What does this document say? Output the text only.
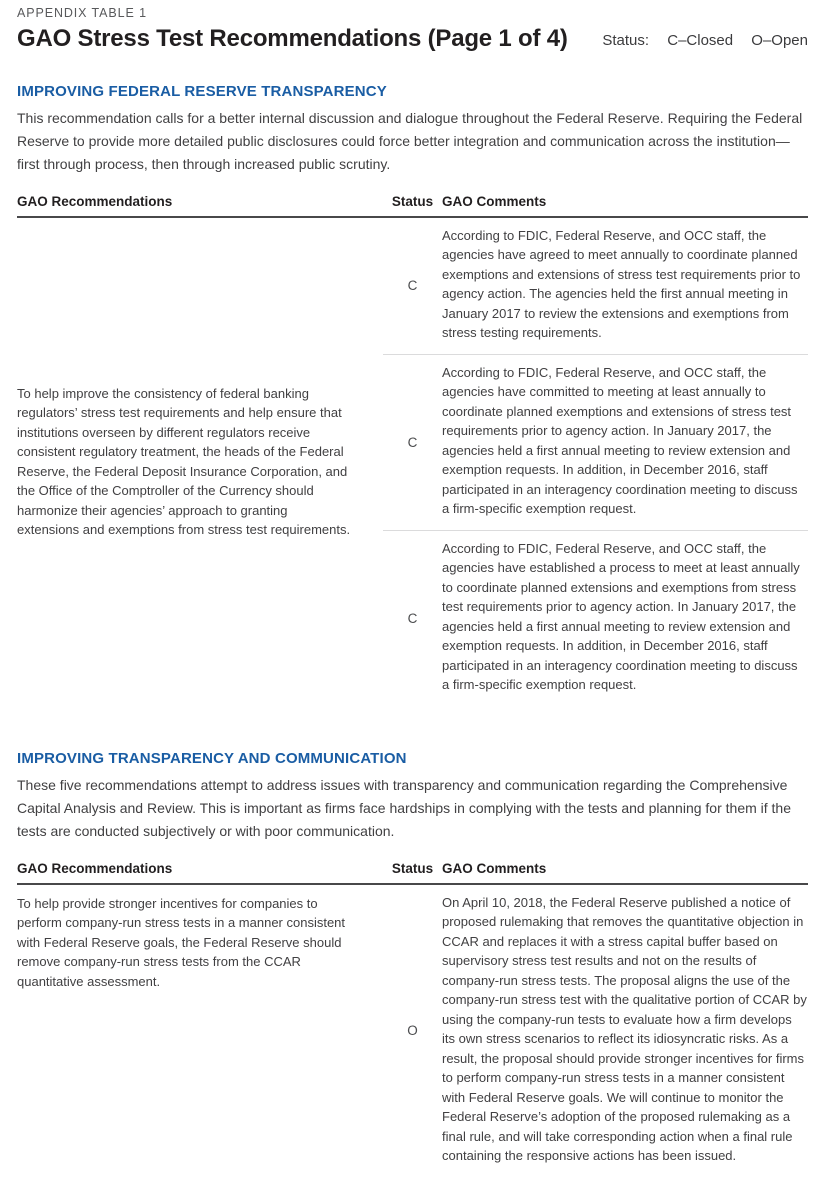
APPENDIX TABLE 1
GAO Stress Test Recommendations (Page 1 of 4) Status: C–Closed O–Open
IMPROVING FEDERAL RESERVE TRANSPARENCY
This recommendation calls for a better internal discussion and dialogue throughout the Federal Reserve. Requiring the Federal Reserve to provide more detailed public disclosures could force better integration and communication across the institution—first through process, then through increased public scrutiny.
GAO Recommendations	Status GAO Comments
To help improve the consistency of federal banking regulators’ stress test requirements and help ensure that institutions overseen by different regulators receive consistent regulatory treatment, the heads of the Federal Reserve, the Federal Deposit Insurance Corporation, and the Office of the Comptroller of the Currency should harmonize their agencies’ approach to granting extensions and exemptions from stress test requirements.
C
According to FDIC, Federal Reserve, and OCC staff, the agencies have agreed to meet annually to coordinate planned exemptions and extensions of stress test requirements prior to agency action. The agencies held the first annual meeting in January 2017 to review the extensions and exemptions from stress testing requirements.
C
According to FDIC, Federal Reserve, and OCC staff, the agencies have committed to meeting at least annually to coordinate planned exemptions and extensions of stress test requirements prior to agency action. In January 2017, the agencies held a first annual meeting to review extension and exemption requests. In addition, in December 2016, staff participated in an interagency coordination meeting to discuss a firm-specific exemption request.
C
According to FDIC, Federal Reserve, and OCC staff, the agencies have established a process to meet at least annually to coordinate planned extensions and exemptions from stress test requirements prior to agency action. In January 2017, the agencies held a first annual meeting to review extension and exemption requests. In addition, in December 2016, staff participated in an interagency coordination meeting to discuss a firm-specific exemption request.
IMPROVING TRANSPARENCY AND COMMUNICATION
These five recommendations attempt to address issues with transparency and communication regarding the Comprehensive Capital Analysis and Review. This is important as firms face hardships in complying with the tests and planning for them if the tests are conducted subjectively or with poor communication.
GAO Recommendations	Status GAO Comments
To help provide stronger incentives for companies to perform company-run stress tests in a manner consistent with Federal Reserve goals, the Federal Reserve should remove company-run stress tests from the CCAR quantitative assessment.
O
On April 10, 2018, the Federal Reserve published a notice of proposed rulemaking that removes the quantitative objection in CCAR and replaces it with a stress capital buffer based on supervisory stress test results and not on the results of company-run stress tests. The proposal aligns the use of the company-run stress test with the qualitative portion of CCAR by using the company-run tests to evaluate how a firm develops its own stress scenarios to reflect its idiosyncratic risks. As a result, the proposal should provide stronger incentives for firms to perform company-run stress tests in a manner consistent with Federal Reserve goals. We will continue to monitor the Federal Reserve’s adoption of the proposed rulemaking as a final rule, and will take corresponding action when a final rule containing the responsive actions has been issued.
